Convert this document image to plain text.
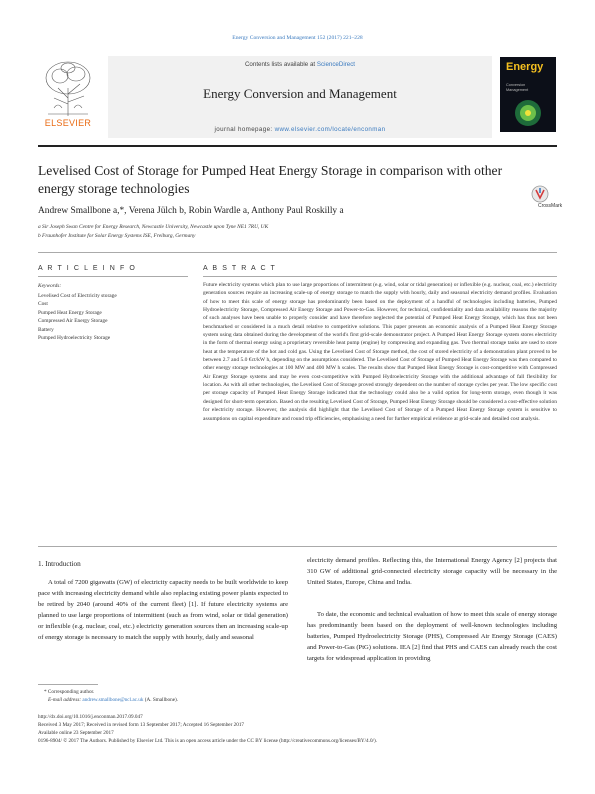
Energy Conversion and Management 152 (2017) 221–228
ELSEVIER
Contents lists available at ScienceDirect
Energy Conversion and Management
journal homepage: www.elsevier.com/locate/enconman
Energy
Conversion
Management
Levelised Cost of Storage for Pumped Heat Energy Storage in comparison with other energy storage technologies
CrossMark
Andrew Smallbone a,*, Verena Jülch b, Robin Wardle a, Anthony Paul Roskilly a
a Sir Joseph Swan Centre for Energy Research, Newcastle University, Newcastle upon Tyne NE1 7RU, UK
b Fraunhofer Institute for Solar Energy Systems ISE, Freiburg, Germany
A R T I C L E I N F O
Keywords:
Levelised Cost of Electricity storage
Cost
Pumped Heat Energy Storage
Compressed Air Energy Storage
Battery
Pumped Hydroelectricity Storage
A B S T R A C T
Future electricity systems which plan to use large proportions of intermittent (e.g. wind, solar or tidal generation) or inflexible (e.g. nuclear, coal, etc.) electricity generation sources require an increasing scale-up of energy storage to match the supply with hourly, daily and seasonal electricity demand profiles. Evaluation of how to meet this scale of energy storage has predominantly been based on the deployment of a handful of technologies including batteries, Pumped Hydroelectricity Storage, Compressed Air Energy Storage and Power-to-Gas. However, for technical, confidentiality and data availability reasons the majority of such analyses have been unable to properly consider and have therefore neglected the potential of Pumped Heat Energy Storage, which has thus not been benchmarked or considered in a much detail relative to competitive solutions. This paper presents an economic analysis of a Pumped Heat Energy Storage system using data obtained during the development of the world's first grid-scale demonstrator project. A Pumped Heat Energy Storage system stores electricity in the form of thermal energy using a proprietary reversible heat pump (engine) by compressing and expanding gas. Two thermal storage tanks are used to store heat at the temperature of the hot and cold gas. Using the Levelised Cost of Storage method, the cost of stored electricity of a demonstration plant proved to be between 2.7 and 5.0 €ct/kW h, depending on the assumptions considered. The Levelised Cost of Storage of Pumped Heat Energy Storage was then compared to other energy storage technologies at 100 MW and 400 MW h scales. The results show that Pumped Heat Energy Storage is cost-competitive with Compressed Air Energy Storage systems and may be even cost-competitive with Pumped Hydroelectricity Storage with the additional advantage of fall flexibility for location. As with all other technologies, the Levelised Cost of Storage proved strongly dependent on the number of storage cycles per year. The low specific cost per storage capacity of Pumped Heat Energy Storage indicated that the technology could also be a valid option for long-term storage, even though it was designed for short-term operation. Based on the resulting Levelised Cost of Storage, Pumped Heat Energy Storage should be considered a cost-effective solution for electricity storage. However, the analysis did highlight that the Levelised Cost of Storage of a Pumped Heat Energy Storage system is sensitive to assumptions on capital expenditure and round trip efficiencies, emphasising a need for further empirical evidence at grid-scale and detailed cost analysis.
1. Introduction
A total of 7200 gigawatts (GW) of electricity capacity needs to be built worldwide to keep pace with increasing electricity demand while also replacing existing power plants expected to be retired by 2040 (around 40% of the current fleet) [1]. If future electricity systems are planned to use large proportions of intermittent (such as from wind, solar or tidal generation) or inflexible (e.g. nuclear, coal, etc.) electricity generation sources then an increasing scale-up of energy storage is necessary to match the supply with hourly, daily and seasonal
electricity demand profiles. Reflecting this, the International Energy Agency [2] projects that 310 GW of additional grid-connected electricity storage capacity will be necessary in the United States, Europe, China and India.
To date, the economic and technical evaluation of how to meet this scale of energy storage has predominantly been based on the deployment of well-known technologies including batteries, Pumped Hydroelectricity Storage (PHS), Compressed Air Energy Storage (CAES) and Power-to-Gas (PtG) solutions. IEA [2] find that PHS and CAES can already reach the cost targets for widespread application in providing
* Corresponding author.
E-mail address: andrew.smallbone@ncl.ac.uk (A. Smallbone).
http://dx.doi.org/10.1016/j.enconman.2017.09.047
Received 3 May 2017; Received in revised form 13 September 2017; Accepted 16 September 2017
Available online 23 September 2017
0196-8904/ © 2017 The Authors. Published by Elsevier Ltd. This is an open access article under the CC BY license (http://creativecommons.org/licenses/BY/4.0/).
